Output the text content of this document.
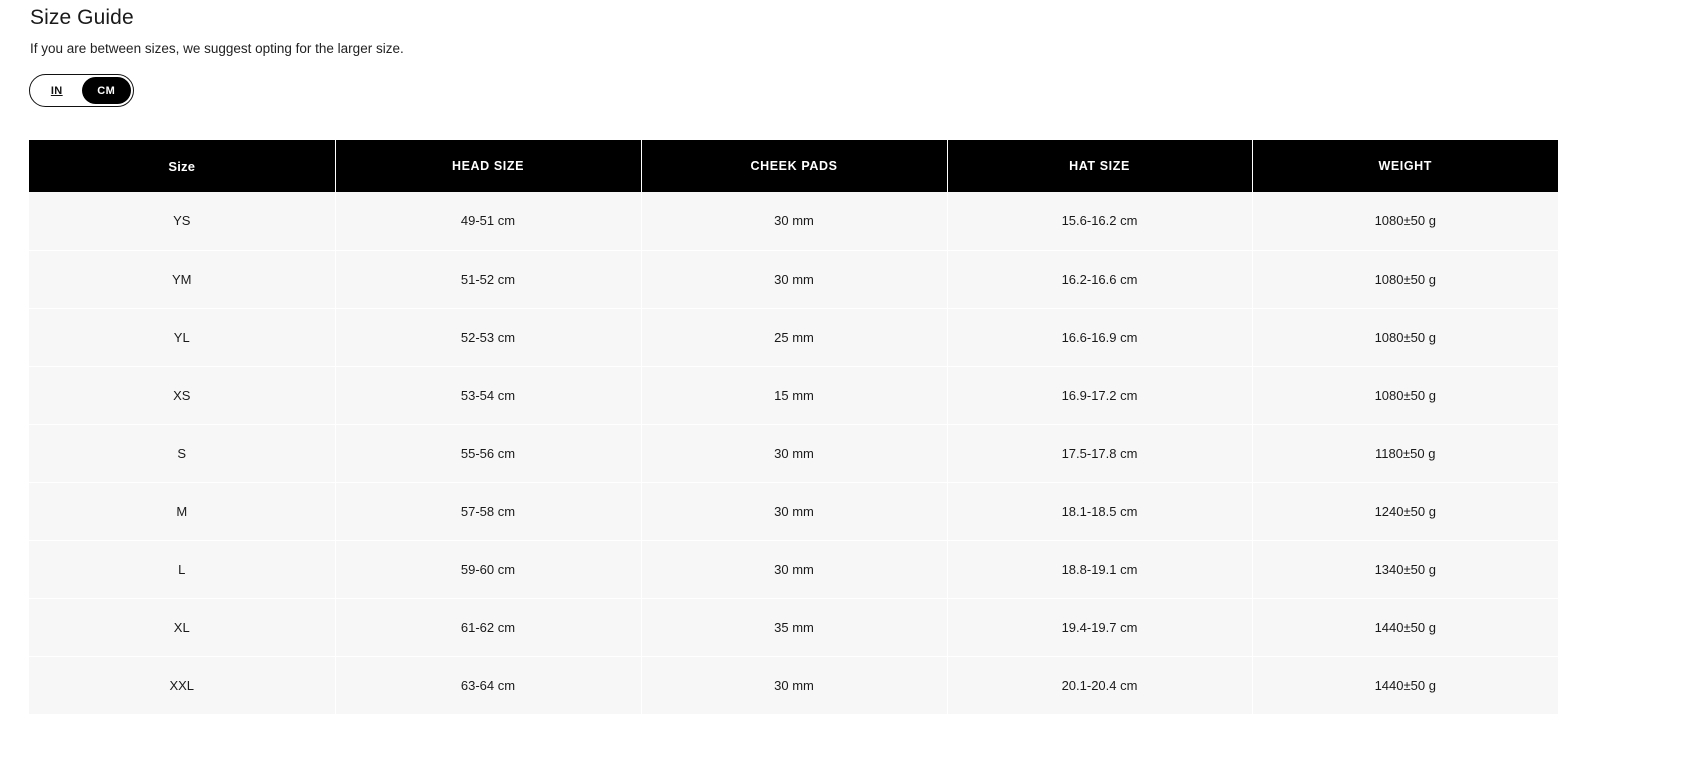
Size Guide

If you are between sizes, we suggest opting for the larger size.

IN	CM
Size	HEAD SIZE	CHEEK PADS	HAT SIZE	WEIGHT
YS	49-51 cm	30 mm	15.6-16.2 cm	1080±50 g
YM	51-52 cm	30 mm	16.2-16.6 cm	1080±50 g
YL	52-53 cm	25 mm	16.6-16.9 cm	1080±50 g
XS	53-54 cm	15 mm	16.9-17.2 cm	1080±50 g
S	55-56 cm	30 mm	17.5-17.8 cm	1180±50 g
M	57-58 cm	30 mm	18.1-18.5 cm	1240±50 g
L	59-60 cm	30 mm	18.8-19.1 cm	1340±50 g
XL	61-62 cm	35 mm	19.4-19.7 cm	1440±50 g
XXL	63-64 cm	30 mm	20.1-20.4 cm	1440±50 g
